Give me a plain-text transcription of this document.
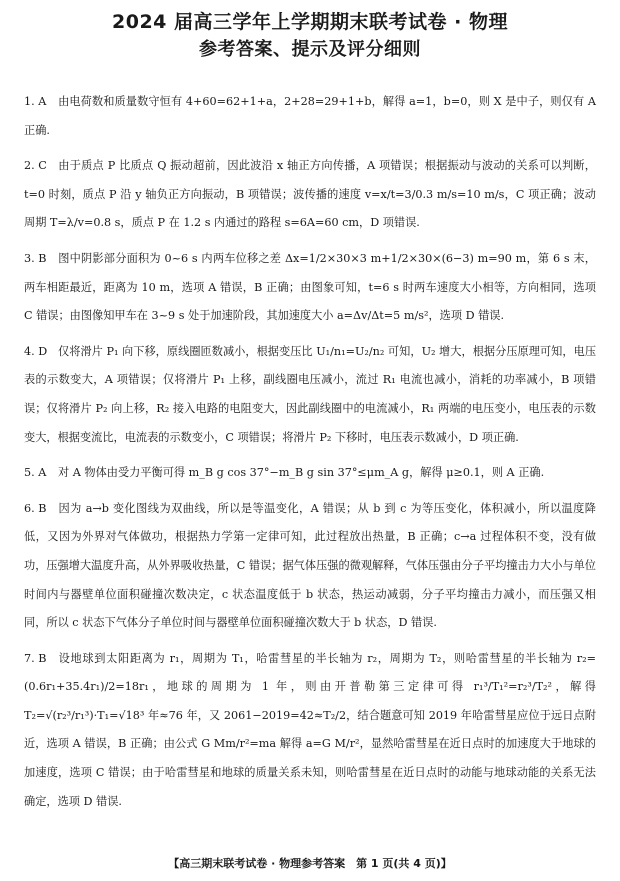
2024 届高三学年上学期期末联考试卷 · 物理
参考答案、提示及评分细则
1. A 由电荷数和质量数守恒有 4+60=62+1+a，2+28=29+1+b，解得 a=1，b=0，则 X 是中子，则仅有 A 正确.
2. C 由于质点 P 比质点 Q 振动超前，因此波沿 x 轴正方向传播，A 项错误；根据振动与波动的关系可以判断，t=0 时刻，质点 P 沿 y 轴负正方向振动，B 项错误；波传播的速度 v=x/t=3/0.3 m/s=10 m/s，C 项正确；波动周期 T=λ/v=0.8 s，质点 P 在 1.2 s 内通过的路程 s=6A=60 cm，D 项错误.
3. B 图中阴影部分面积为 0~6 s 内两车位移之差 Δx=1/2×30×3 m+1/2×30×(6−3) m=90 m，第 6 s 末，两车相距最近，距离为 10 m，选项 A 错误，B 正确；由图象可知，t=6 s 时两车速度大小相等，方向相同，选项 C 错误；由图像知甲车在 3~9 s 处于加速阶段，其加速度大小 a=Δv/Δt=5 m/s²，选项 D 错误.
4. D 仅将滑片 P₁ 向下移，原线圈匝数减小，根据变压比 U₁/n₁=U₂/n₂ 可知，U₂ 增大，根据分压原理可知，电压表的示数变大，A 项错误；仅将滑片 P₁ 上移，副线圈电压减小，流过 R₁ 电流也减小，消耗的功率减小，B 项错误；仅将滑片 P₂ 向上移，R₂ 接入电路的电阻变大，因此副线圈中的电流减小，R₁ 两端的电压变小，电压表的示数变大，根据变流比，电流表的示数变小，C 项错误；将滑片 P₂ 下移时，电压表示数减小，D 项正确.
5. A 对 A 物体由受力平衡可得 m_B g cos 37°−m_B g sin 37°≤μm_A g，解得 μ≥0.1，则 A 正确.
6. B 因为 a→b 变化图线为双曲线，所以是等温变化，A 错误；从 b 到 c 为等压变化，体积减小，所以温度降低，又因为外界对气体做功，根据热力学第一定律可知，此过程放出热量，B 正确；c→a 过程体积不变，没有做功，压强增大温度升高，从外界吸收热量，C 错误；据气体压强的微观解释，气体压强由分子平均撞击力大小与单位时间内与器壁单位面积碰撞次数决定，c 状态温度低于 b 状态，热运动减弱，分子平均撞击力减小，而压强又相同，所以 c 状态下气体分子单位时间与器壁单位面积碰撞次数大于 b 状态，D 错误.
7. B 设地球到太阳距离为 r₁，周期为 T₁，哈雷彗星的半长轴为 r₂，周期为 T₂，则哈雷彗星的半长轴为 r₂=(0.6r₁+35.4r₁)/2=18r₁，地球的周期为 1 年，则由开普勒第三定律可得 r₁³/T₁²=r₂³/T₂²，解得 T₂=√(r₂³/r₁³)·T₁=√18³ 年≈76 年，又 2061−2019=42≈T₂/2，结合题意可知 2019 年哈雷彗星应位于远日点附近，选项 A 错误，B 正确；由公式 G Mm/r²=ma 解得 a=G M/r²，显然哈雷彗星在近日点时的加速度大于地球的加速度，选项 C 错误；由于哈雷彗星和地球的质量关系未知，则哈雷彗星在近日点时的动能与地球动能的关系无法确定，选项 D 错误.
【高三期末联考试卷 · 物理参考答案　第 1 页(共 4 页)】
